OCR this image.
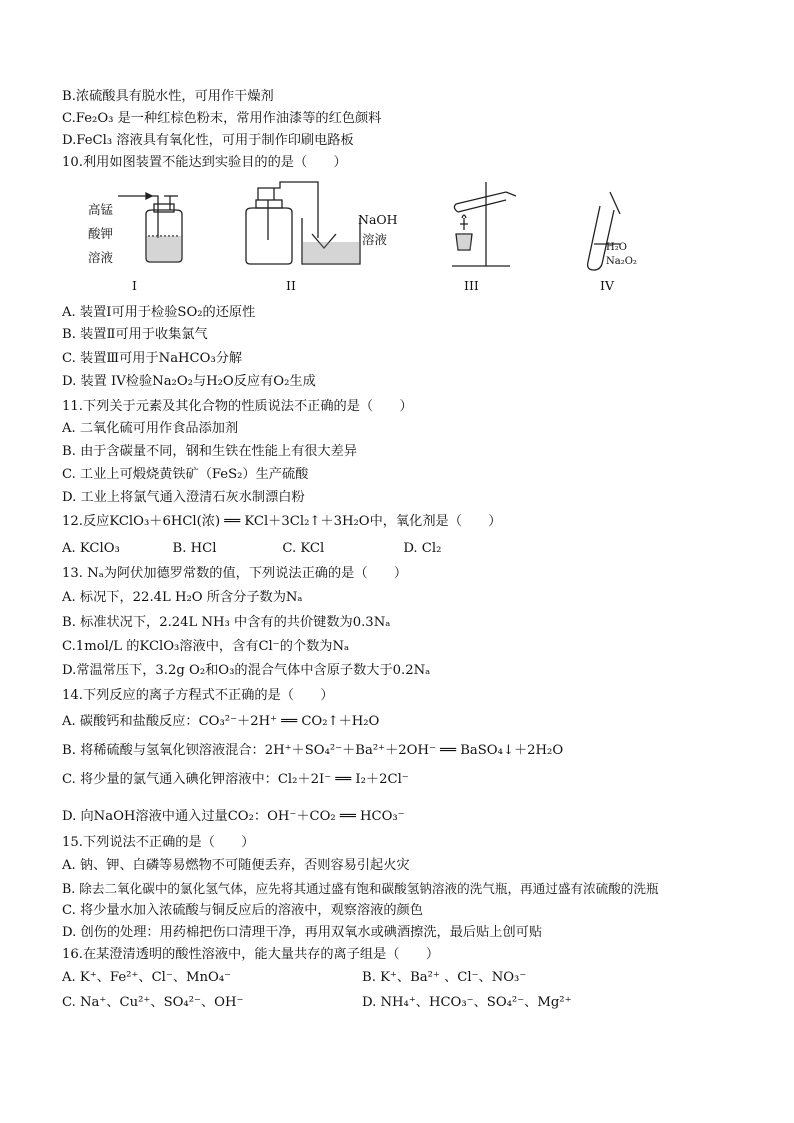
B.浓硫酸具有脱水性，可用作干燥剂
C.Fe₂O₃ 是一种红棕色粉末，常用作油漆等的红色颜料
D.FeCl₃ 溶液具有氧化性，可用于制作印刷电路板
10.利用如图装置不能达到实验目的的是（　　）
高锰
酸钾
溶液
NaOH
溶液
H₂O
Na₂O₂
I	II	III	IV
A. 装置Ⅰ可用于检验SO₂的还原性
B. 装置Ⅱ可用于收集氯气
C. 装置Ⅲ可用于NaHCO₃分解
D. 装置 IV检验Na₂O₂与H₂O反应有O₂生成
11.下列关于元素及其化合物的性质说法不正确的是（　　）
A. 二氧化硫可用作食品添加剂
B. 由于含碳量不同，钢和生铁在性能上有很大差异
C. 工业上可煅烧黄铁矿（FeS₂）生产硫酸
D. 工业上将氯气通入澄清石灰水制漂白粉
12.反应KClO₃＋6HCl(浓) ══ KCl＋3Cl₂↑＋3H₂O中，氧化剂是（　　）
A. KClO₃　　　　B. HCl　　　　　C. KCl　　　　　　D. Cl₂
13. Nₐ为阿伏加德罗常数的值，下列说法正确的是（　　）
A. 标况下，22.4L H₂O 所含分子数为Nₐ
B. 标准状况下，2.24L NH₃ 中含有的共价键数为0.3Nₐ
C.1mol/L 的KClO₃溶液中，含有Cl⁻的个数为Nₐ
D.常温常压下，3.2g O₂和O₃的混合气体中含原子数大于0.2Nₐ
14.下列反应的离子方程式不正确的是（　　）
A. 碳酸钙和盐酸反应：CO₃²⁻＋2H⁺ ══ CO₂↑＋H₂O
B. 将稀硫酸与氢氧化钡溶液混合：2H⁺＋SO₄²⁻＋Ba²⁺＋2OH⁻ ══ BaSO₄↓＋2H₂O
C. 将少量的氯气通入碘化钾溶液中：Cl₂＋2I⁻ ══ I₂＋2Cl⁻
D. 向NaOH溶液中通入过量CO₂：OH⁻＋CO₂ ══ HCO₃⁻
15.下列说法不正确的是（　　）
A. 钠、钾、白磷等易燃物不可随便丢弃，否则容易引起火灾
B. 除去二氧化碳中的氯化氢气体，应先将其通过盛有饱和碳酸氢钠溶液的洗气瓶，再通过盛有浓硫酸的洗瓶
C. 将少量水加入浓硫酸与铜反应后的溶液中，观察溶液的颜色
D. 创伤的处理：用药棉把伤口清理干净，再用双氧水或碘酒擦洗，最后贴上创可贴
16.在某澄清透明的酸性溶液中，能大量共存的离子组是（　　）
A. K⁺、Fe²⁺、Cl⁻、MnO₄⁻	B. K⁺、Ba²⁺ 、Cl⁻、NO₃⁻
C. Na⁺、Cu²⁺、SO₄²⁻、OH⁻	D. NH₄⁺、HCO₃⁻、SO₄²⁻、Mg²⁺
